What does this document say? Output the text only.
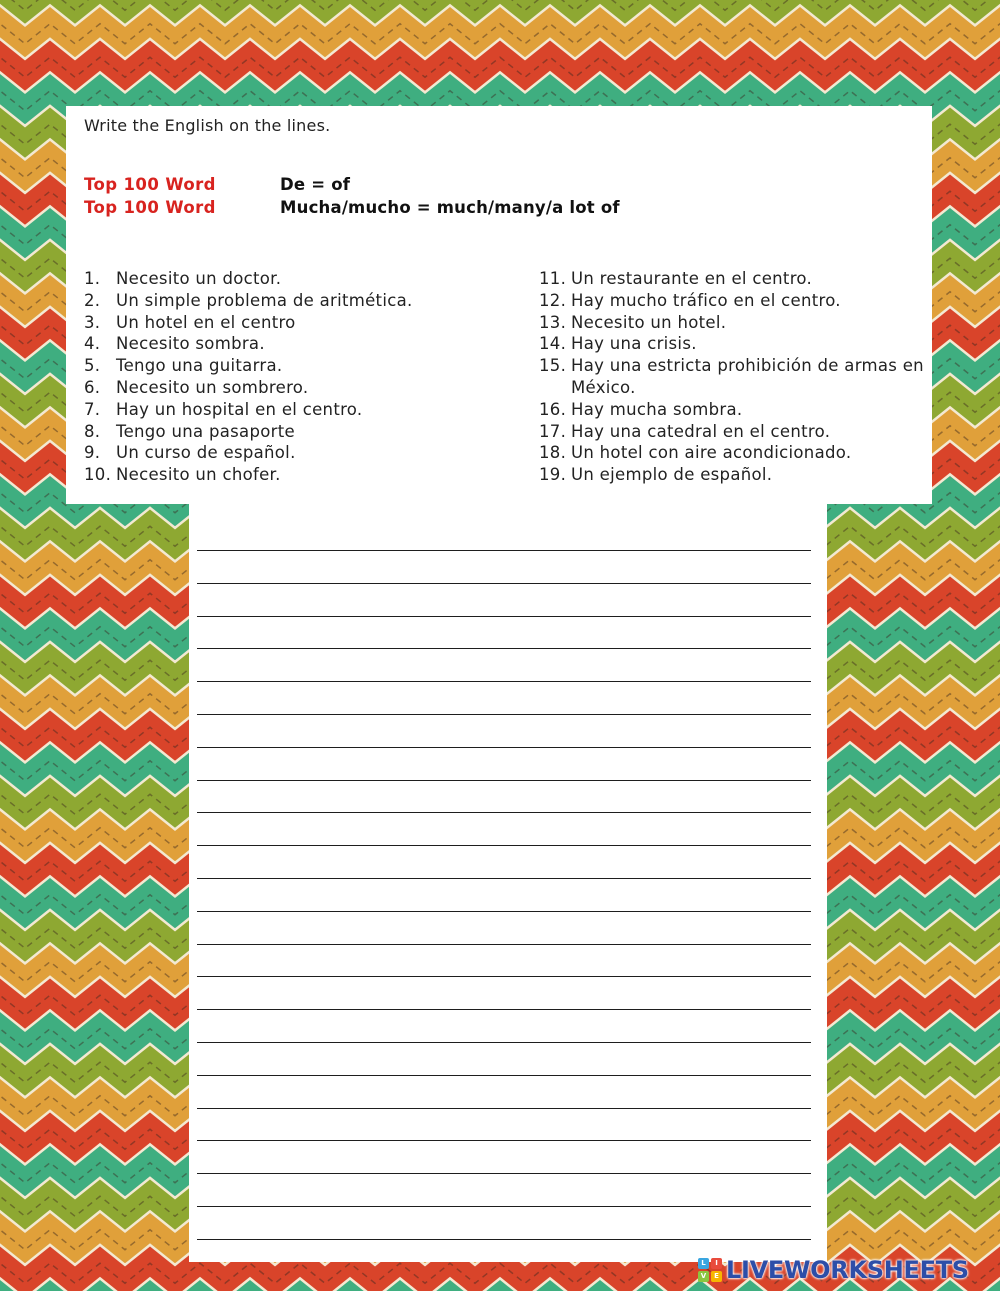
Write the English on the lines.
Top 100 Word	De = of
Top 100 Word	Mucha/mucho = much/many/a lot of
1. Necesito un doctor.
2. Un simple problema de aritmética.
3. Un hotel en el centro
4. Necesito sombra.
5. Tengo una guitarra.
6. Necesito un sombrero.
7. Hay un hospital en el centro.
8. Tengo una pasaporte
9. Un curso de español.
10. Necesito un chofer.
11. Un restaurante en el centro.
12. Hay mucho tráfico en el centro.
13. Necesito un hotel.
14. Hay una crisis.
15. Hay una estricta prohibición de armas en México.
16. Hay mucha sombra.
17. Hay una catedral en el centro.
18. Un hotel con aire acondicionado.
19. Un ejemplo de español.
L	I
V	E LIVEWORKSHEETS
